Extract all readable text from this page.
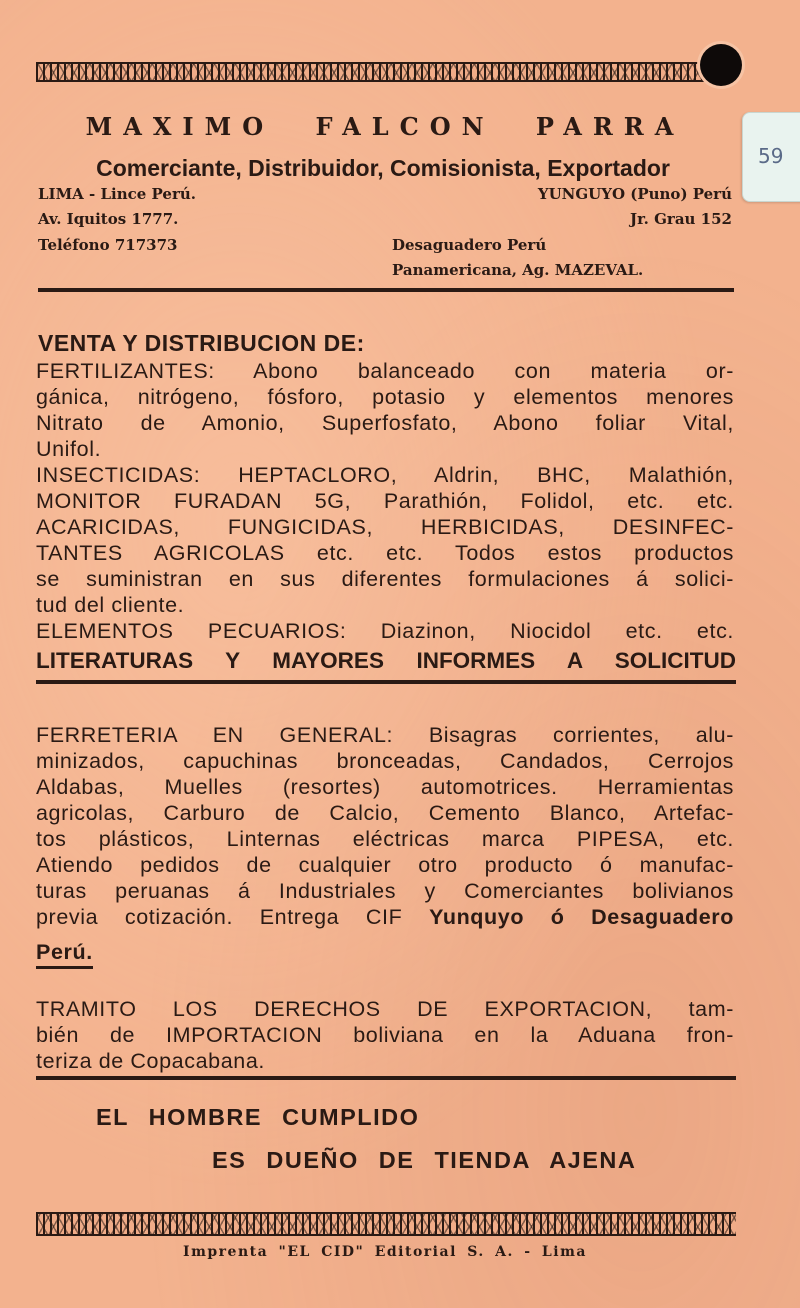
59
MAXIMO FALCON PARRA
Comerciante, Distribuidor, Comisionista, Exportador
LIMA - Lince Perú.
Av. Iquitos 1777.
Teléfono 717373
YUNGUYO (Puno) Perú
Jr. Grau 152
Desaguadero Perú
Panamericana, Ag. MAZEVAL.
VENTA Y DISTRIBUCION DE:
FERTILIZANTES: Abono balanceado con materia or-
gánica, nitrógeno, fósforo, potasio y elementos menores
Nitrato de Amonio, Superfosfato, Abono foliar Vital,
Unifol.
INSECTICIDAS: HEPTACLORO, Aldrin, BHC, Malathión,
MONITOR FURADAN 5G, Parathión, Folidol, etc. etc.
ACARICIDAS, FUNGICIDAS, HERBICIDAS, DESINFEC-
TANTES AGRICOLAS etc. etc. Todos estos productos
se suministran en sus diferentes formulaciones á solici-
tud del cliente.
ELEMENTOS PECUARIOS: Diazinon, Niocidol etc. etc.
LITERATURAS Y MAYORES INFORMES A SOLICITUD
FERRETERIA EN GENERAL: Bisagras corrientes, alu-
minizados, capuchinas bronceadas, Candados, Cerrojos
Aldabas, Muelles (resortes) automotrices. Herramientas
agricolas, Carburo de Calcio, Cemento Blanco, Artefac-
tos plásticos, Linternas eléctricas marca PIPESA, etc.
Atiendo pedidos de cualquier otro producto ó manufac-
turas peruanas á Industriales y Comerciantes bolivianos
previa cotización. Entrega CIF Yunquyo ó Desaguadero
Perú.
TRAMITO LOS DERECHOS DE EXPORTACION, tam-
bién de IMPORTACION boliviana en la Aduana fron-
teriza de Copacabana.
EL HOMBRE CUMPLIDO
ES DUEÑO DE TIENDA AJENA
Imprenta "EL CID" Editorial S. A. - Lima
